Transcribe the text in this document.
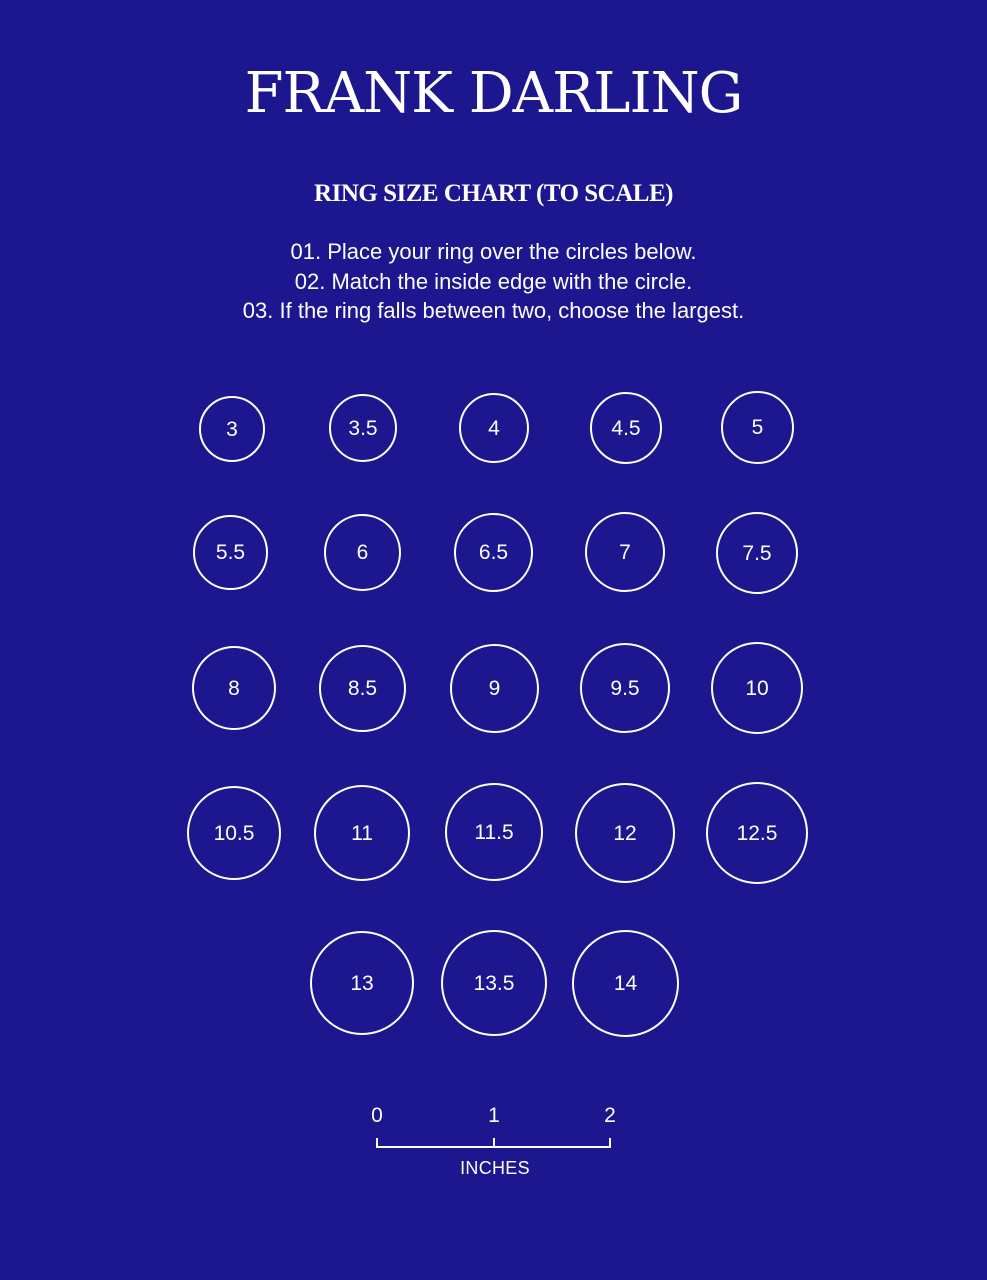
FRANK DARLING
RING SIZE CHART (TO SCALE)
01. Place your ring over the circles below.
02. Match the inside edge with the circle.
03. If the ring falls between two, choose the largest.
3	3.5	4	4.5	5
5.5	6	6.5	7	7.5
8	8.5	9	9.5	10
10.5	11	11.5	12	12.5
13	13.5	14
0	1	2
INCHES
